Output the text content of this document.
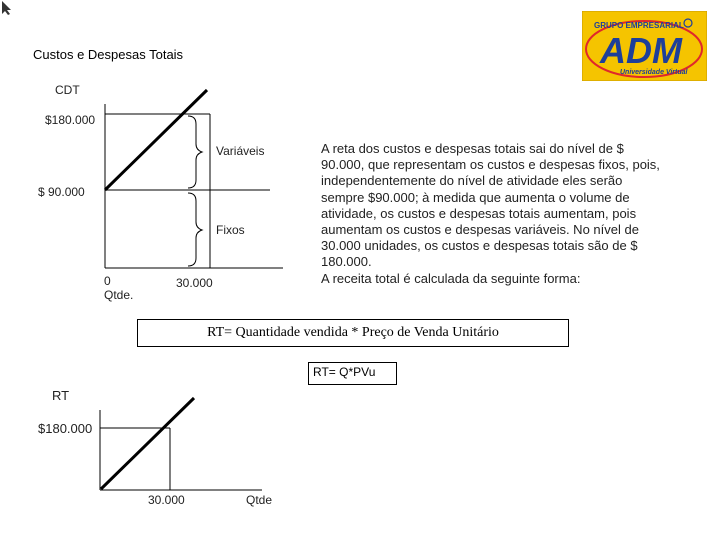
Custos e Despesas Totais
GRUPO EMPRESARIAL
ADM
Universidade Virtual
CDT
$180.000
$ 90.000
Variáveis
Fixos
0
Qtde.
30.000
A reta dos custos e despesas totais sai do nível de $
90.000, que representam os custos e despesas fixos, pois,
independentemente do nível de atividade eles serão
sempre $90.000; à medida que aumenta o volume de
atividade, os custos e despesas totais aumentam, pois
aumentam os custos e despesas variáveis. No nível de
30.000 unidades, os custos e despesas totais são de $
180.000.
A receita total é calculada da seguinte forma:
RT= Quantidade vendida * Preço de Venda Unitário
RT= Q*PVu
RT
$180.000
30.000	Qtde
